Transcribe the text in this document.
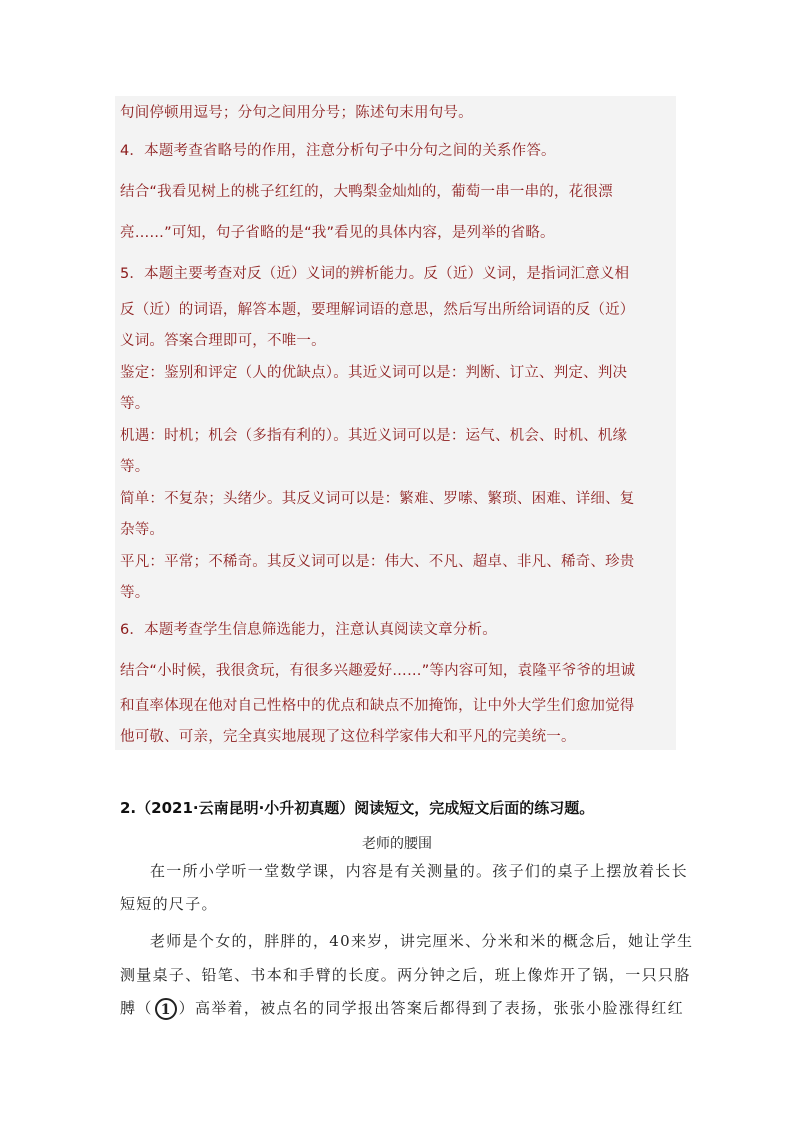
句间停顿用逗号；分句之间用分号；陈述句末用句号。
4．本题考查省略号的作用，注意分析句子中分句之间的关系作答。
结合“我看见树上的桃子红红的，大鸭梨金灿灿的，葡萄一串一串的，花很漂
亮……”可知，句子省略的是“我”看见的具体内容，是列举的省略。
5．本题主要考查对反（近）义词的辨析能力。反（近）义词，是指词汇意义相
反（近）的词语，解答本题，要理解词语的意思，然后写出所给词语的反（近）
义词。答案合理即可，不唯一。
鉴定：鉴别和评定（人的优缺点）。其近义词可以是：判断、订立、判定、判决
等。
机遇：时机；机会（多指有利的）。其近义词可以是：运气、机会、时机、机缘
等。
简单：不复杂；头绪少。其反义词可以是：繁难、罗嗦、繁琐、困难、详细、复
杂等。
平凡：平常；不稀奇。其反义词可以是：伟大、不凡、超卓、非凡、稀奇、珍贵
等。
6．本题考查学生信息筛选能力，注意认真阅读文章分析。
结合“小时候，我很贪玩，有很多兴趣爱好……”等内容可知，袁隆平爷爷的坦诚
和直率体现在他对自己性格中的优点和缺点不加掩饰，让中外大学生们愈加觉得
他可敬、可亲，完全真实地展现了这位科学家伟大和平凡的完美统一。
2.（2021·云南昆明·小升初真题）阅读短文，完成短文后面的练习题。
老师的腰围
在一所小学听一堂数学课，内容是有关测量的。孩子们的桌子上摆放着长长
短短的尺子。
老师是个女的，胖胖的，40来岁，讲完厘米、分米和米的概念后，她让学生
测量桌子、铅笔、书本和手臂的长度。两分钟之后，班上像炸开了锅，一只只胳
膊（ 1 ）高举着，被点名的同学报出答案后都得到了表扬，张张小脸涨得红红
